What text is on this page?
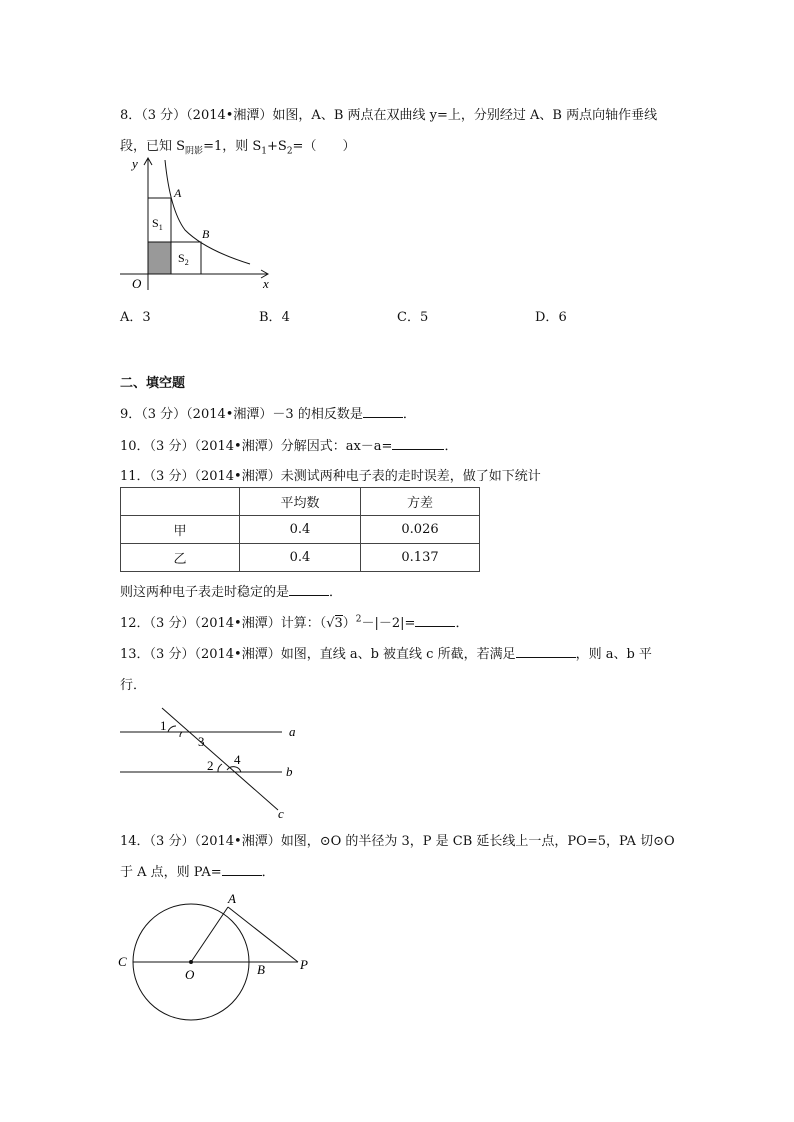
8．（3 分）（2014•湘潭）如图，A、B 两点在双曲线 y=上，分别经过 A、B 两点向轴作垂线
段，已知 $S_{阴影}=1$，则 $S_1+S_2=$（　　）
y
x
O
A
B
$S_1$
$S_2$
A．3	B．4	C．5	D．6
二、填空题
9．（3 分）（2014•湘潭）－3 的相反数是	．
10．（3 分）（2014•湘潭）分解因式：ax－a=	．
11．（3 分）（2014•湘潭）未测试两种电子表的走时误差，做了如下统计
	平均数	方差
甲	0.4	0.026
乙	0.4	0.137
则这两种电子表走时稳定的是	．
12．（3 分）（2014•湘潭）计算：$(√3)^2-|-2|=$	．
13．（3 分）（2014•湘潭）如图，直线 a、b 被直线 c 所截，若满足	，则 a、b 平
行．
1
3
2 4
a
b
c
14．（3 分）（2014•湘潭）如图，⊙O 的半径为 3，P 是 CB 延长线上一点，PO=5，PA 切⊙O
于 A 点，则 PA=	．
A
C
O	B	P
